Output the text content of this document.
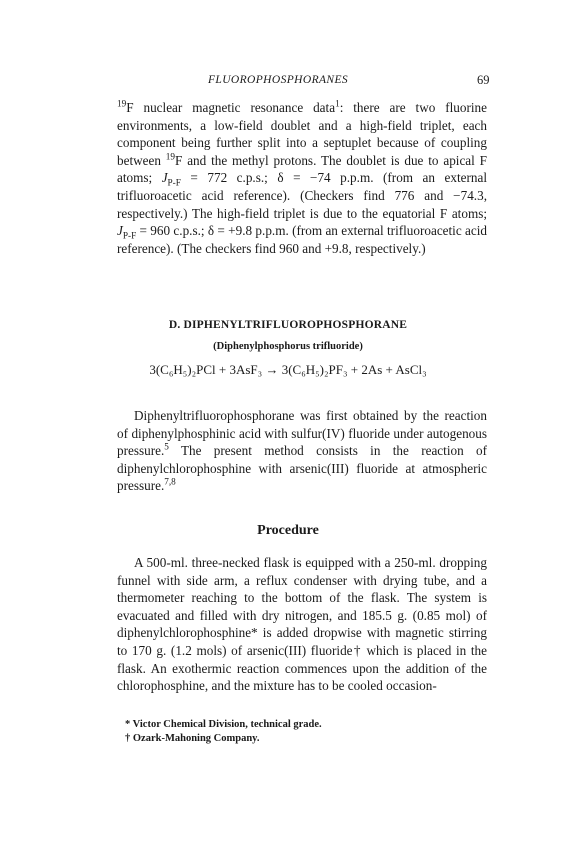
FLUOROPHOSPHORANES	69

$^{19}$F nuclear magnetic resonance data$^1$: there are two fluorine environments, a low-field doublet and a high-field triplet, each component being further split into a septuplet because of coupling between $^{19}$F and the methyl protons. The doublet is due to apical F atoms; $J_{P-F} = 772$ c.p.s.; δ = −74 p.p.m. (from an external trifluoroacetic acid reference). (Checkers find 776 and −74.3, respectively.) The high-field triplet is due to the equatorial F atoms; $J_{P-F} = 960$ c.p.s.; δ = +9.8 p.p.m. (from an external trifluoroacetic acid reference). (The checkers find 960 and +9.8, respectively.)

D. DIPHENYLTRIFLUOROPHOSPHORANE
(Diphenylphosphorus trifluoride)
3(C₆H₅)₂PCl + 3AsF₃ → 3(C₆H₅)₂PF₃ + 2As + AsCl₃

Diphenyltrifluorophosphorane was first obtained by the reaction of diphenylphosphinic acid with sulfur(IV) fluoride under autogenous pressure.$^5$ The present method consists in the reaction of diphenylchlorophosphine with arsenic(III) fluoride at atmospheric pressure.$^{7,8}$

Procedure

A 500-ml. three-necked flask is equipped with a 250-ml. dropping funnel with side arm, a reflux condenser with drying tube, and a thermometer reaching to the bottom of the flask. The system is evacuated and filled with dry nitrogen, and 185.5 g. (0.85 mol) of diphenylchlorophosphine* is added dropwise with magnetic stirring to 170 g. (1.2 mols) of arsenic(III) fluoride† which is placed in the flask. An exothermic reaction commences upon the addition of the chlorophosphine, and the mixture has to be cooled occasion-

* Victor Chemical Division, technical grade.
† Ozark-Mahoning Company.
